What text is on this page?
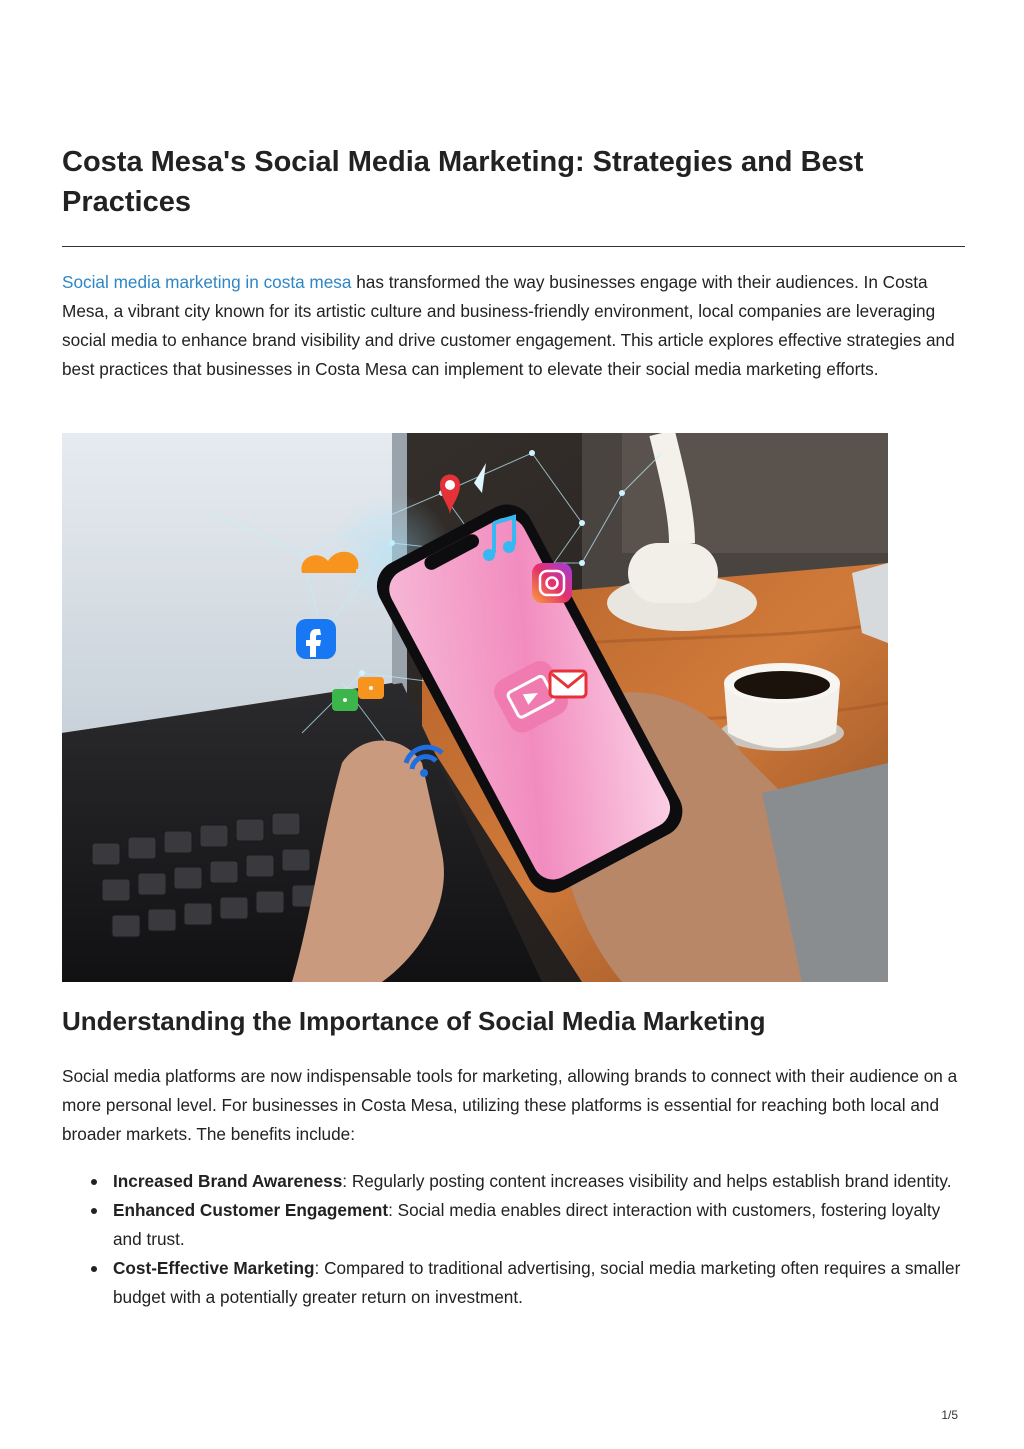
Costa Mesa's Social Media Marketing: Strategies and Best Practices

Social media marketing in costa mesa has transformed the way businesses engage with their audiences. In Costa Mesa, a vibrant city known for its artistic culture and business-friendly environment, local companies are leveraging social media to enhance brand visibility and drive customer engagement. This article explores effective strategies and best practices that businesses in Costa Mesa can implement to elevate their social media marketing efforts.

Understanding the Importance of Social Media Marketing

Social media platforms are now indispensable tools for marketing, allowing brands to connect with their audience on a more personal level. For businesses in Costa Mesa, utilizing these platforms is essential for reaching both local and broader markets. The benefits include:

Increased Brand Awareness: Regularly posting content increases visibility and helps establish brand identity.
Enhanced Customer Engagement: Social media enables direct interaction with customers, fostering loyalty and trust.
Cost-Effective Marketing: Compared to traditional advertising, social media marketing often requires a smaller budget with a potentially greater return on investment.
1/5
